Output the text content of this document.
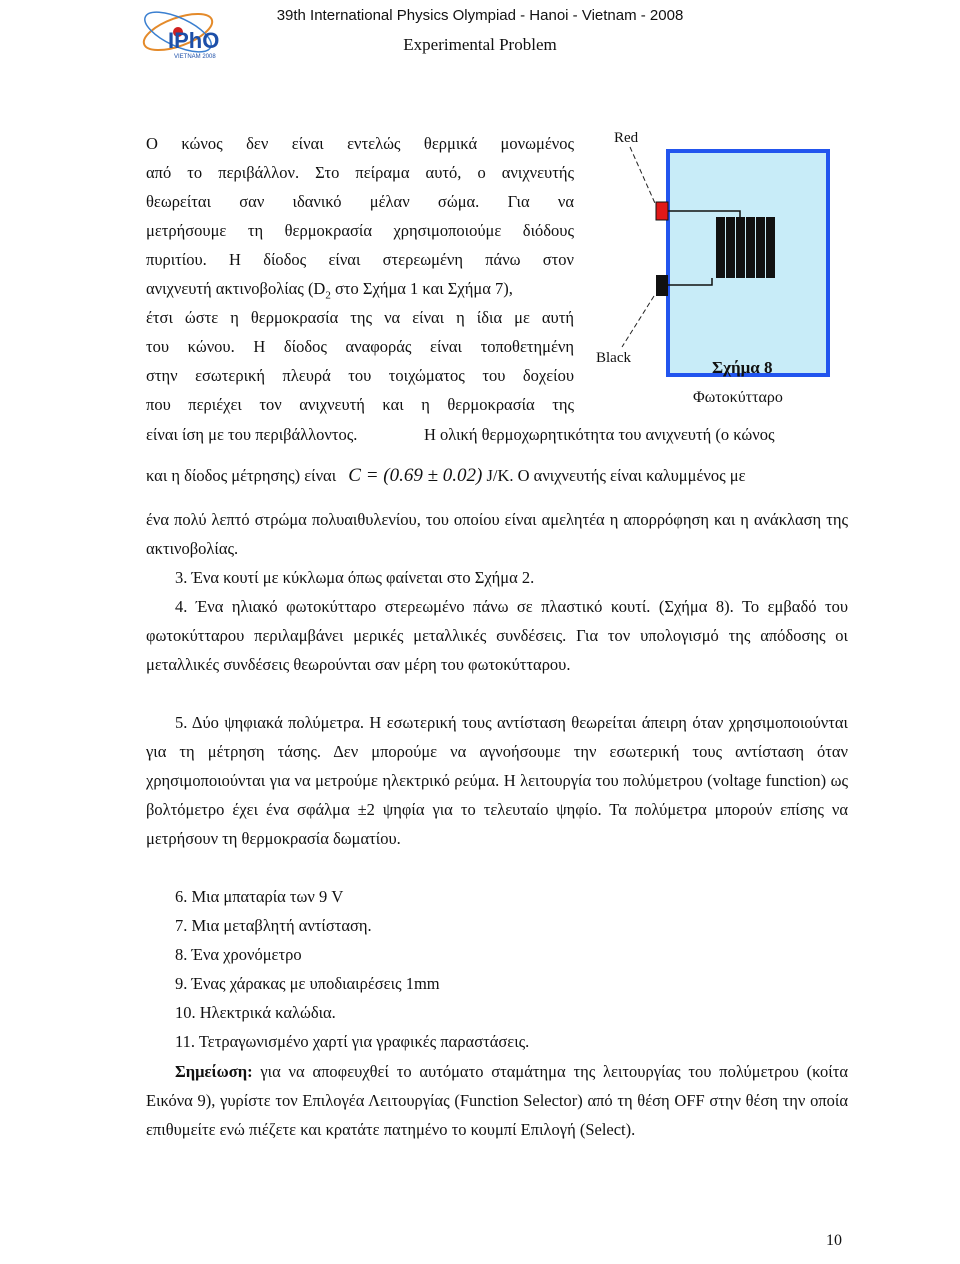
IPhO
VIETNAM 2008
39th International Physics Olympiad - Hanoi - Vietnam - 2008
Experimental Problem
Ο κώνος δεν είναι εντελώς θερμικά μονωμένος
από το περιβάλλον. Στο πείραμα αυτό, ο ανιχνευτής
θεωρείται σαν ιδανικό μέλαν σώμα. Για να
μετρήσουμε τη θερμοκρασία χρησιμοποιούμε διόδους
πυριτίου. Η δίοδος είναι στερεωμένη πάνω στον
ανιχνευτή ακτινοβολίας ($D_2$ στο Σχήμα 1 και Σχήμα 7),
έτσι ώστε η θερμοκρασία της να είναι η ίδια με αυτή
του κώνου. Η δίοδος αναφοράς είναι τοποθετημένη
στην εσωτερική πλευρά του τοιχώματος του δοχείου
που περιέχει τον ανιχνευτή και η θερμοκρασία της
είναι ίση με του περιβάλλοντος.	Η ολική θερμοχωρητικότητα του ανιχνευτή (ο κώνος
και η δίοδος μέτρησης) είναι C = (0.69 ± 0.02) J/K. Ο ανιχνευτής είναι καλυμμένος με

ένα πολύ λεπτό στρώμα πολυαιθυλενίου, του οποίου είναι αμελητέα η απορρόφηση και η ανάκλαση της ακτινοβολίας.

3. Ένα κουτί με κύκλωμα όπως φαίνεται στο Σχήμα 2.

4. Ένα ηλιακό φωτοκύτταρο στερεωμένο πάνω σε πλαστικό κουτί. (Σχήμα 8). Το εμβαδό του φωτοκύτταρου περιλαμβάνει μερικές μεταλλικές συνδέσεις. Για τον υπολογισμό της απόδοσης οι μεταλλικές συνδέσεις θεωρούνται σαν μέρη του φωτοκύτταρου.

5. Δύο ψηφιακά πολύμετρα. Η εσωτερική τους αντίσταση θεωρείται άπειρη όταν χρησιμοποιούνται για τη μέτρηση τάσης. Δεν μπορούμε να αγνοήσουμε την εσωτερική τους αντίσταση όταν χρησιμοποιούνται για να μετρούμε ηλεκτρικό ρεύμα. Η λειτουργία του πολύμετρου (voltage function) ως βολτόμετρο έχει ένα σφάλμα ±2 ψηφία για το τελευταίο ψηφίο. Τα πολύμετρα μπορούν επίσης να μετρήσουν τη θερμοκρασία δωματίου.

6. Μια μπαταρία των 9 V

7. Μια μεταβλητή αντίσταση.

8. Ένα χρονόμετρο

9. Ένας χάρακας με υποδιαιρέσεις 1mm

10. Ηλεκτρικά καλώδια.

11. Τετραγωνισμένο χαρτί για γραφικές παραστάσεις.

Σημείωση: για να αποφευχθεί το αυτόματο σταμάτημα της λειτουργίας του πολύμετρου (κοίτα Εικόνα 9), γυρίστε τον Επιλογέα Λειτουργίας (Function Selector) από τη θέση OFF στην θέση την οποία επιθυμείτε ενώ πιέζετε και κρατάτε πατημένο το κουμπί Επιλογή (Select).

Red
Black	Σχήμα 8
Φωτοκύτταρο
10
